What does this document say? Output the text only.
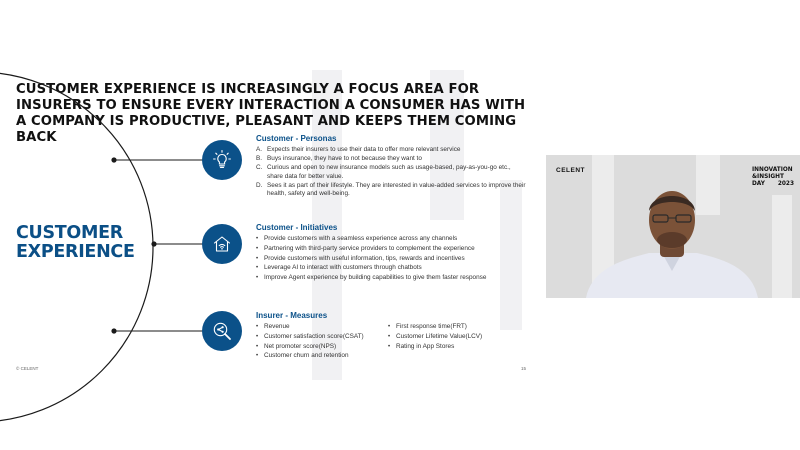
CUSTOMER EXPERIENCE IS INCREASINGLY A FOCUS AREA FOR INSURERS TO ENSURE EVERY INTERACTION A CONSUMER HAS WITH A COMPANY IS PRODUCTIVE, PLEASANT AND KEEPS THEM COMING BACK
CUSTOMER
EXPERIENCE
Customer - Personas
A. Expects their insurers to use their data to offer more relevant service
B. Buys insurance, they have to not because they want to
C. Curious and open to new insurance models such as usage-based, pay-as-you-go etc., share data for better value.
D. Sees it as part of their lifestyle. They are interested in value-added services to improve their health, safety and well-being.
Customer - Initiatives
• Provide customers with a seamless experience across any channels
• Partnering with third-party service providers to complement the experience
• Provide customers with useful information, tips, rewards and incentives
• Leverage AI to interact with customers through chatbots
• Improve Agent experience by building capabilities to give them faster response
Insurer - Measures
• Revenue
• Customer satisfaction score(CSAT)
• Net promoter score(NPS)
• Customer churn and retention
• First response time(FRT)
• Customer Lifetime Value(LCV)
• Rating in App Stores
© CELENT	15
CELENT	INNOVATION
&INSIGHT
DAY 2023
